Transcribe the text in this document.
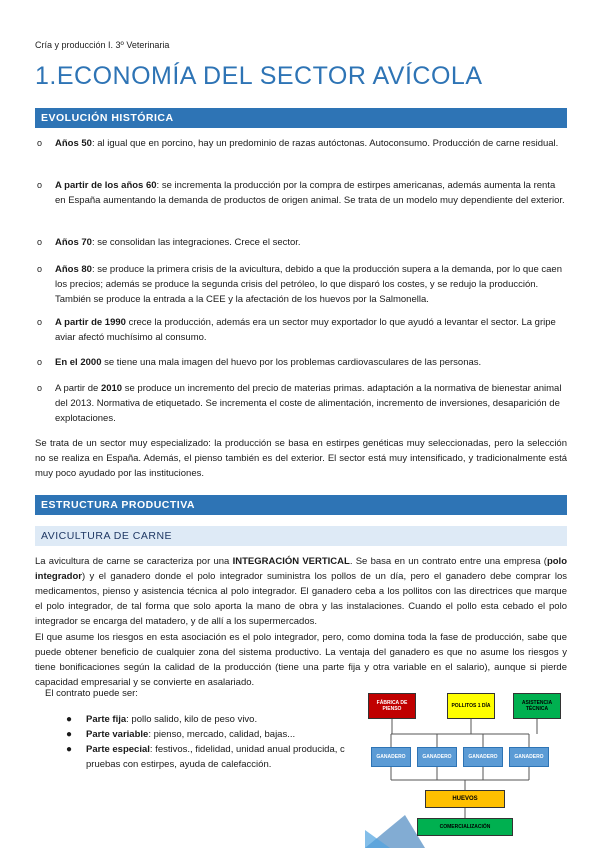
Cría y producción I. 3º Veterinaria
1.ECONOMÍA DEL SECTOR AVÍCOLA
EVOLUCIÓN HISTÓRICA
o Años 50: al igual que en porcino, hay un predominio de razas autóctonas. Autoconsumo. Producción de carne residual.
o A partir de los años 60: se incrementa la producción por la compra de estirpes americanas, además aumenta la renta en España aumentando la demanda de productos de origen animal. Se trata de un modelo muy dependiente del exterior.
o Años 70: se consolidan las integraciones. Crece el sector.
o Años 80: se produce la primera crisis de la avicultura, debido a que la producción supera a la demanda, por lo que caen los precios; además se produce la segunda crisis del petróleo, lo que disparó los costes, y se redujo la producción. También se produce la entrada a la CEE y la afectación de los huevos por la Salmonella.
o A partir de 1990 crece la producción, además era un sector muy exportador lo que ayudó a levantar el sector. La gripe aviar afectó muchísimo al consumo.
o En el 2000 se tiene una mala imagen del huevo por los problemas cardiovasculares de las personas.
o A partir de 2010 se produce un incremento del precio de materias primas. adaptación a la normativa de bienestar animal del 2013. Normativa de etiquetado. Se incrementa el coste de alimentación, incremento de inversiones, desaparición de explotaciones.

Se trata de un sector muy especializado: la producción se basa en estirpes genéticas muy seleccionadas, pero la selección no se realiza en España. Además, el pienso también es del exterior. El sector está muy intensificado, y tradicionalmente está muy poco ayudado por las instituciones.

ESTRUCTURA PRODUCTIVA
AVICULTURA DE CARNE

La avicultura de carne se caracteriza por una INTEGRACIÓN VERTICAL. Se basa en un contrato entre una empresa (polo integrador) y el ganadero donde el polo integrador suministra los pollos de un día, pero el ganadero debe comprar los medicamentos, pienso y asistencia técnica al polo integrador. El ganadero ceba a los pollitos con las directrices que marque el polo integrador, de tal forma que solo aporta la mano de obra y las instalaciones. Cuando el pollo esta cebado el polo integrador se encarga del matadero, y de allí a los supermercados.

El que asume los riesgos en esta asociación es el polo integrador, pero, como domina toda la fase de producción, sabe que puede obtener beneficio de cualquier zona del sistema productivo. La ventaja del ganadero es que no asume los riesgos y tiene bonificaciones según la calidad de la producción (tiene una parte fija y otra variable en el salario), aunque si pierde capacidad empresarial y se convierte en asalariado.

El contrato puede ser:
● Parte fija: pollo salido, kilo de peso vivo.
● Parte variable: pienso, mercado, calidad, bajas...
● Parte especial: festivos., fidelidad, unidad anual producida, c pruebas con estirpes, ayuda de calefacción.
FÁBRICA DE PIENSO	POLLITOS 1 DÍA	ASISTENCIA TÉCNICA
GANADERO	GANADERO	GANADERO	GANADERO
HUEVOS
COMERCIALIZACIÓN
